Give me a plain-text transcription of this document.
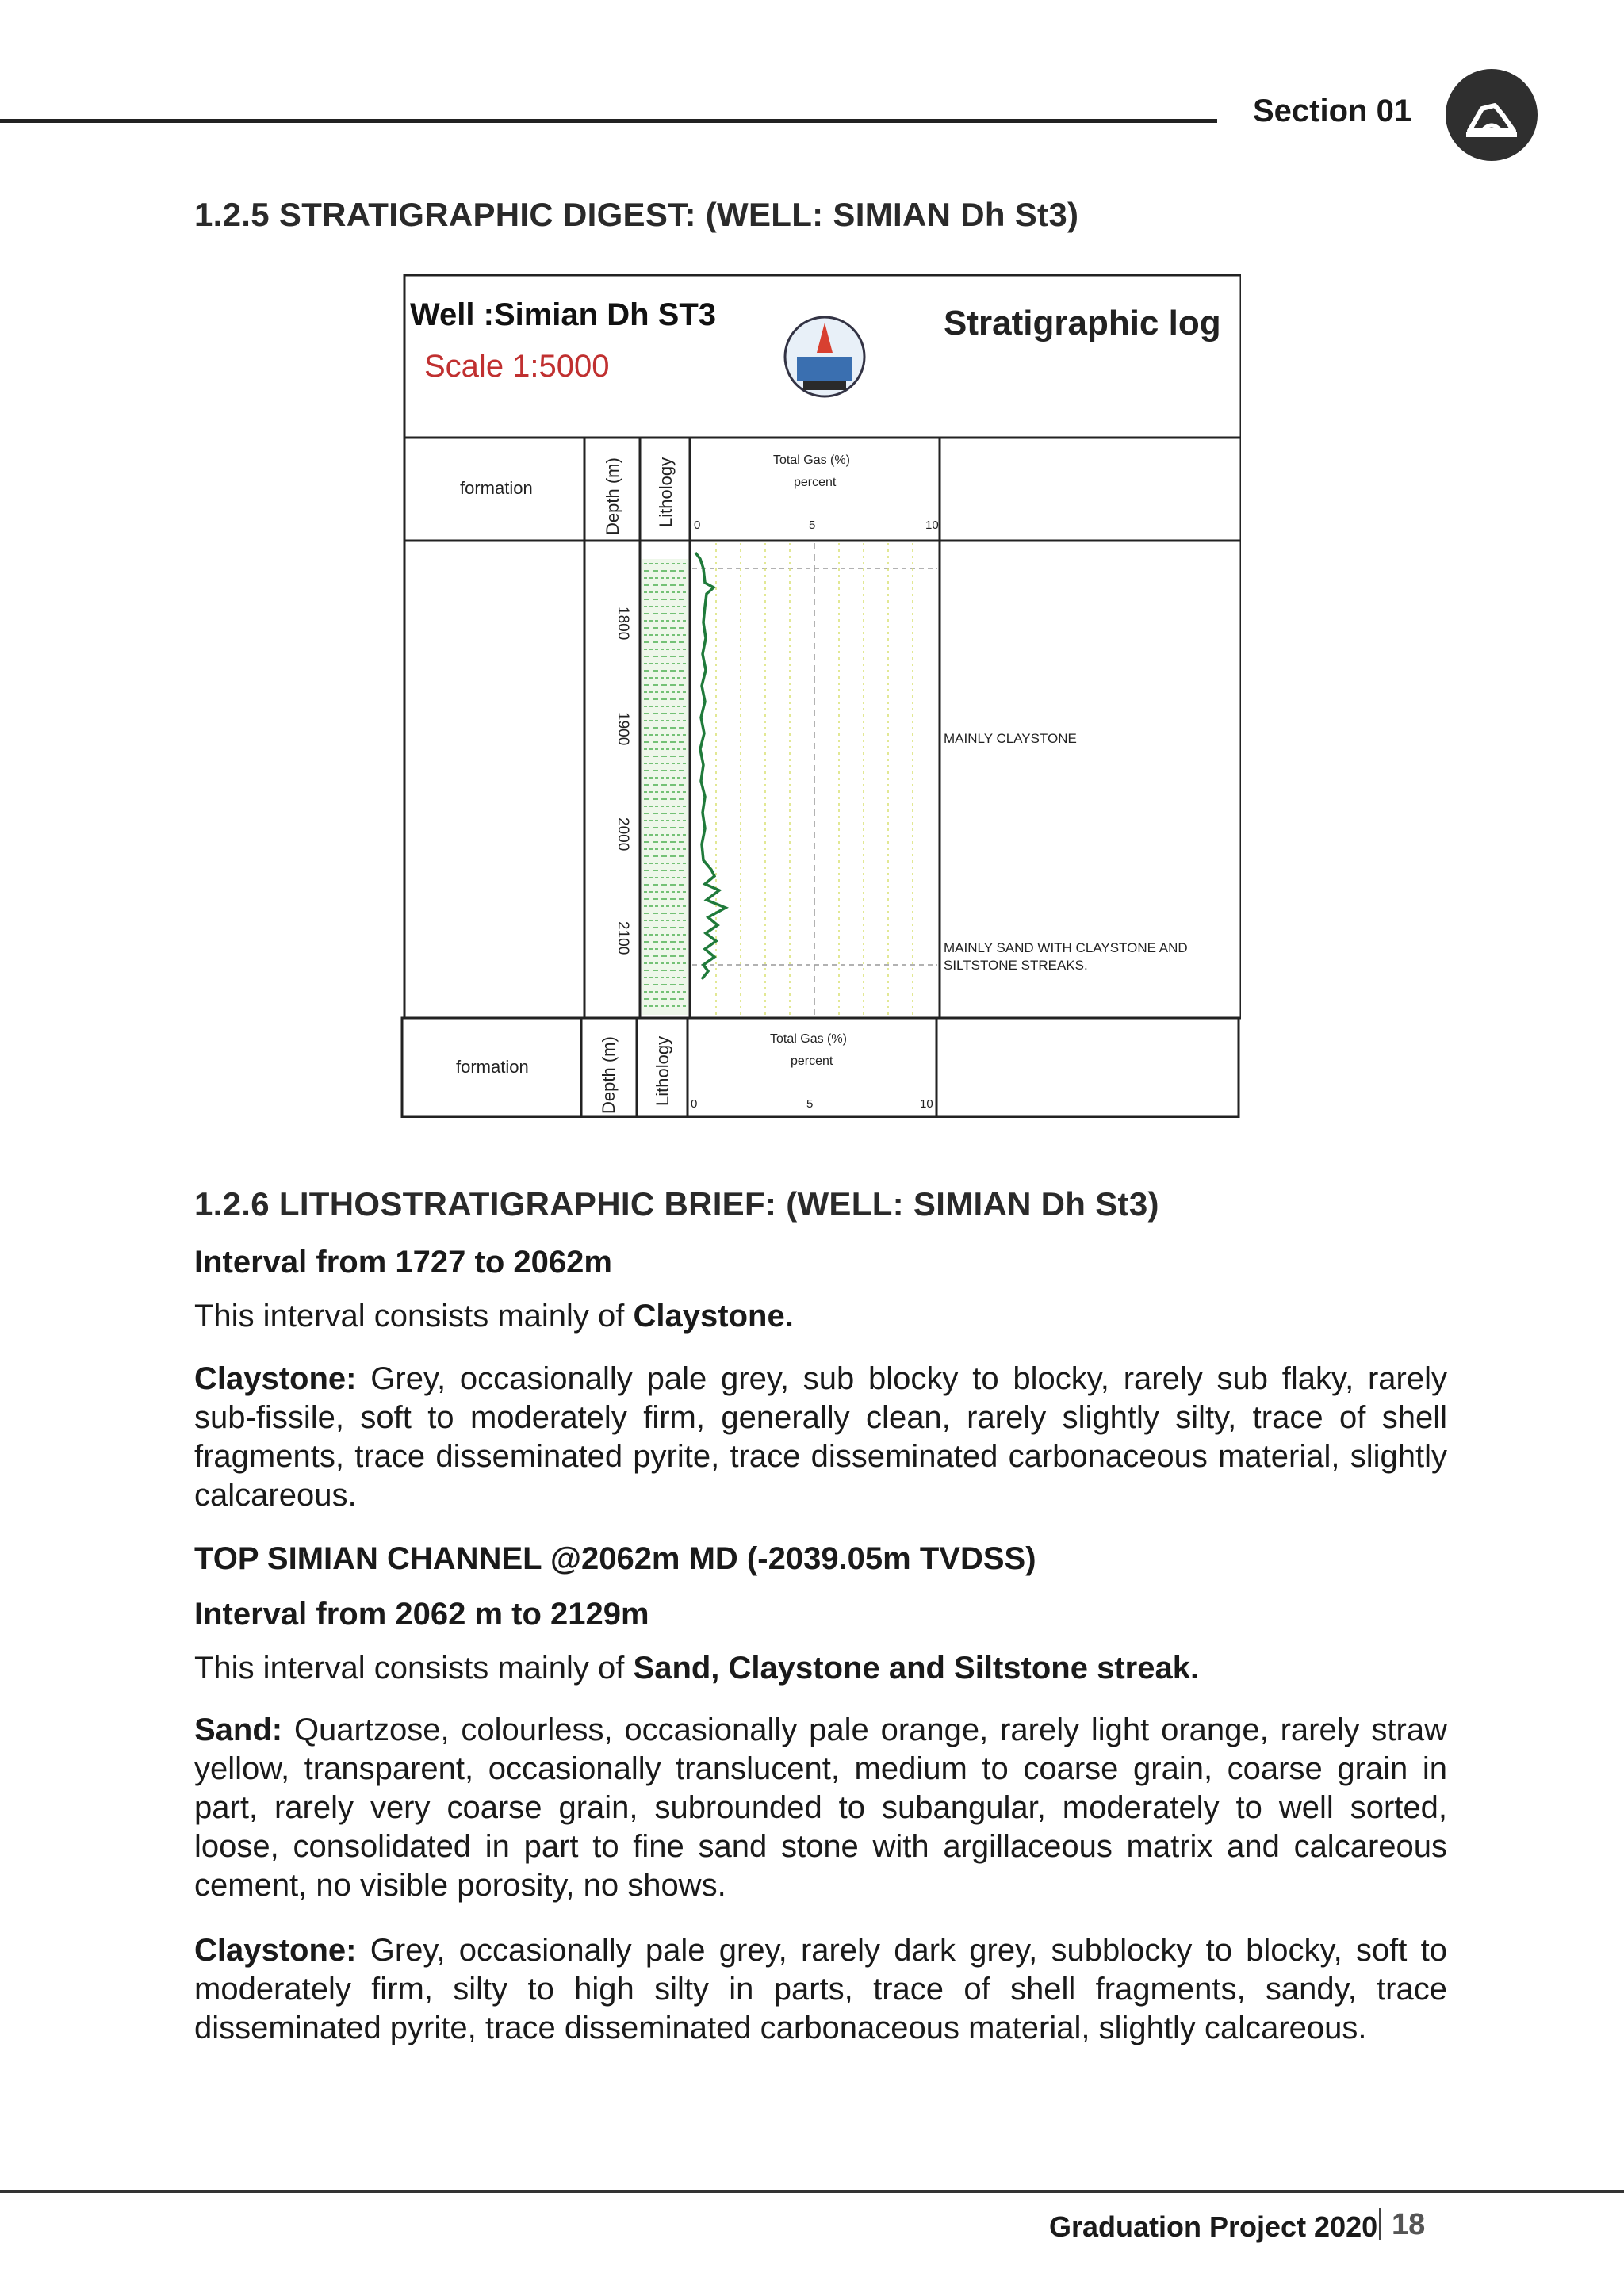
Section 01
1.2.5 STRATIGRAPHIC DIGEST: (WELL: SIMIAN Dh St3)
Well :Simian Dh ST3
Scale 1:5000
Stratigraphic log
formation	Depth (m) Lithology	Total Gas (%)
percent
0	5	10
1800
1900
2000
2100
MAINLY CLAYSTONE
MAINLY SAND WITH CLAYSTONE AND
SILTSTONE STREAKS.
formation	Depth (m) Lithology	Total Gas (%)
percent
0	5	10
1.2.6 LITHOSTRATIGRAPHIC BRIEF: (WELL: SIMIAN Dh St3)
Interval from 1727 to 2062m
This interval consists mainly of Claystone.
Claystone: Grey, occasionally pale grey, sub blocky to blocky, rarely sub flaky, rarely sub-fissile, soft to moderately firm, generally clean, rarely slightly silty, trace of shell fragments, trace disseminated pyrite, trace disseminated carbonaceous material, slightly calcareous.
TOP SIMIAN CHANNEL @2062m MD (-2039.05m TVDSS)
Interval from 2062 m to 2129m
This interval consists mainly of Sand, Claystone and Siltstone streak.
Sand: Quartzose, colourless, occasionally pale orange, rarely light orange, rarely straw yellow, transparent, occasionally translucent, medium to coarse grain, coarse grain in part, rarely very coarse grain, subrounded to subangular, moderately to well sorted, loose, consolidated in part to fine sand stone with argillaceous matrix and calcareous cement, no visible porosity, no shows.
Claystone: Grey, occasionally pale grey, rarely dark grey, subblocky to blocky, soft to moderately firm, silty to high silty in parts, trace of shell fragments, sandy, trace disseminated pyrite, trace disseminated carbonaceous material, slightly calcareous.
Graduation Project 2020 18
